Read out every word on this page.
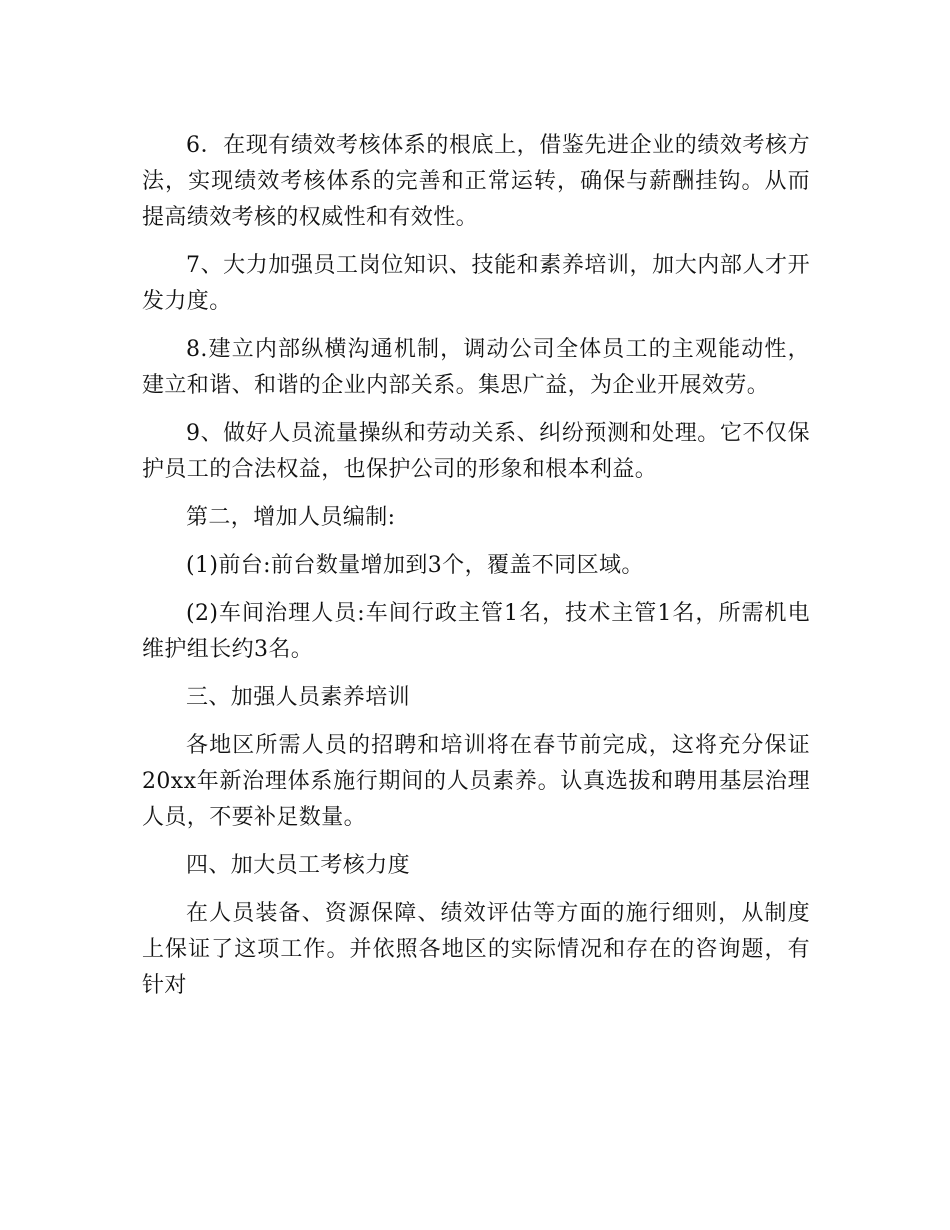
6．在现有绩效考核体系的根底上，借鉴先进企业的绩效考核方法，实现绩效考核体系的完善和正常运转，确保与薪酬挂钩。从而提高绩效考核的权威性和有效性。

7、大力加强员工岗位知识、技能和素养培训，加大内部人才开发力度。

8.建立内部纵横沟通机制，调动公司全体员工的主观能动性，建立和谐、和谐的企业内部关系。集思广益，为企业开展效劳。

9、做好人员流量操纵和劳动关系、纠纷预测和处理。它不仅保护员工的合法权益，也保护公司的形象和根本利益。

第二，增加人员编制:

(1)前台:前台数量增加到3个，覆盖不同区域。

(2)车间治理人员:车间行政主管1名，技术主管1名，所需机电维护组长约3名。

三、加强人员素养培训

各地区所需人员的招聘和培训将在春节前完成，这将充分保证20xx年新治理体系施行期间的人员素养。认真选拔和聘用基层治理人员，不要补足数量。

四、加大员工考核力度

在人员装备、资源保障、绩效评估等方面的施行细则，从制度上保证了这项工作。并依照各地区的实际情况和存在的咨询题，有针对
